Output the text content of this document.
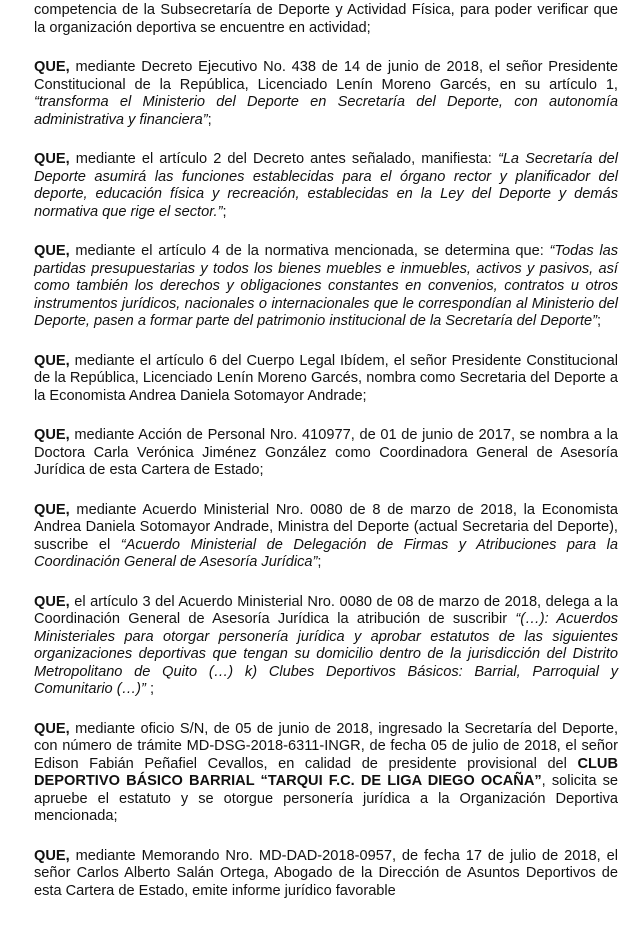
competencia de la Subsecretaría de Deporte y Actividad Física, para poder verificar que la organización deportiva se encuentre en actividad;

QUE, mediante Decreto Ejecutivo No. 438 de 14 de junio de 2018, el señor Presidente Constitucional de la República, Licenciado Lenín Moreno Garcés, en su artículo 1, “transforma el Ministerio del Deporte en Secretaría del Deporte, con autonomía administrativa y financiera”;

QUE, mediante el artículo 2 del Decreto antes señalado, manifiesta: “La Secretaría del Deporte asumirá las funciones establecidas para el órgano rector y planificador del deporte, educación física y recreación, establecidas en la Ley del Deporte y demás normativa que rige el sector.”;

QUE, mediante el artículo 4 de la normativa mencionada, se determina que: “Todas las partidas presupuestarias y todos los bienes muebles e inmuebles, activos y pasivos, así como también los derechos y obligaciones constantes en convenios, contratos u otros instrumentos jurídicos, nacionales o internacionales que le correspondían al Ministerio del Deporte, pasen a formar parte del patrimonio institucional de la Secretaría del Deporte”;

QUE, mediante el artículo 6 del Cuerpo Legal Ibídem, el señor Presidente Constitucional de la República, Licenciado Lenín Moreno Garcés, nombra como Secretaria del Deporte a la Economista Andrea Daniela Sotomayor Andrade;

QUE, mediante Acción de Personal Nro. 410977, de 01 de junio de 2017, se nombra a la Doctora Carla Verónica Jiménez González como Coordinadora General de Asesoría Jurídica de esta Cartera de Estado;

QUE, mediante Acuerdo Ministerial Nro. 0080 de 8 de marzo de 2018, la Economista Andrea Daniela Sotomayor Andrade, Ministra del Deporte (actual Secretaria del Deporte), suscribe el “Acuerdo Ministerial de Delegación de Firmas y Atribuciones para la Coordinación General de Asesoría Jurídica”;

QUE, el artículo 3 del Acuerdo Ministerial Nro. 0080 de 08 de marzo de 2018, delega a la Coordinación General de Asesoría Jurídica la atribución de suscribir “(…): Acuerdos Ministeriales para otorgar personería jurídica y aprobar estatutos de las siguientes organizaciones deportivas que tengan su domicilio dentro de la jurisdicción del Distrito Metropolitano de Quito (…) k) Clubes Deportivos Básicos: Barrial, Parroquial y Comunitario (…)” ;

QUE, mediante oficio S/N, de 05 de junio de 2018, ingresado la Secretaría del Deporte, con número de trámite MD-DSG-2018-6311-INGR, de fecha 05 de julio de 2018, el señor Edison Fabián Peñafiel Cevallos, en calidad de presidente provisional del CLUB DEPORTIVO BÁSICO BARRIAL “TARQUI F.C. DE LIGA DIEGO OCAÑA”, solicita se apruebe el estatuto y se otorgue personería jurídica a la Organización Deportiva mencionada;

QUE, mediante Memorando Nro. MD-DAD-2018-0957, de fecha 17 de julio de 2018, el señor Carlos Alberto Salán Ortega, Abogado de la Dirección de Asuntos Deportivos de esta Cartera de Estado, emite informe jurídico favorable
